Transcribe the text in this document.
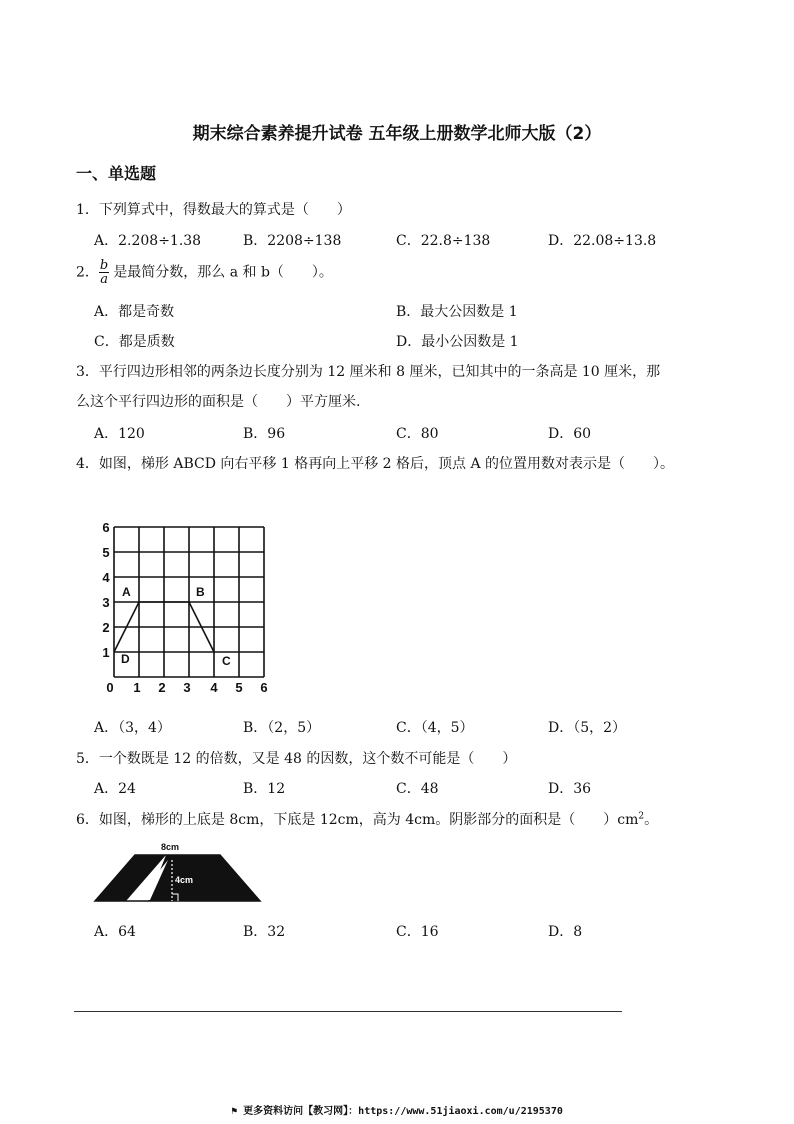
期末综合素养提升试卷 五年级上册数学北师大版（2）
一、单选题
1．下列算式中，得数最大的算式是（　　）
A．2.208÷1.38	B．2208÷138	C．22.8÷138	D．22.08÷13.8
2． $\frac{b}{a}$ 是最简分数，那么 a 和 b（　　）。
A．都是奇数	B．最大公因数是 1
C．都是质数	D．最小公因数是 1
3．平行四边形相邻的两条边长度分别为 12 厘米和 8 厘米，已知其中的一条高是 10 厘米，那
么这个平行四边形的面积是（　　）平方厘米.
A．120	B．96	C．80	D．60
4．如图，梯形 ABCD 向右平移 1 格再向上平移 2 格后，顶点 A 的位置用数对表示是（　　）。
6
5
4
3
2
1
0 1 2 3 4 5 6
A	B
C
D
A．（3，4）	B．（2，5）	C．（4，5）	D．（5，2）
5．一个数既是 12 的倍数，又是 48 的因数，这个数不可能是（　　）
A．24	B．12	C．48	D．36
6．如图，梯形的上底是 8cm，下底是 12cm，高为 4cm。阴影部分的面积是（　　）$cm^2$。
8cm
4cm
A．64	B．32	C．16	D．8
⚑ 更多资料访问【教习网】：https://www.51jiaoxi.com/u/2195370
